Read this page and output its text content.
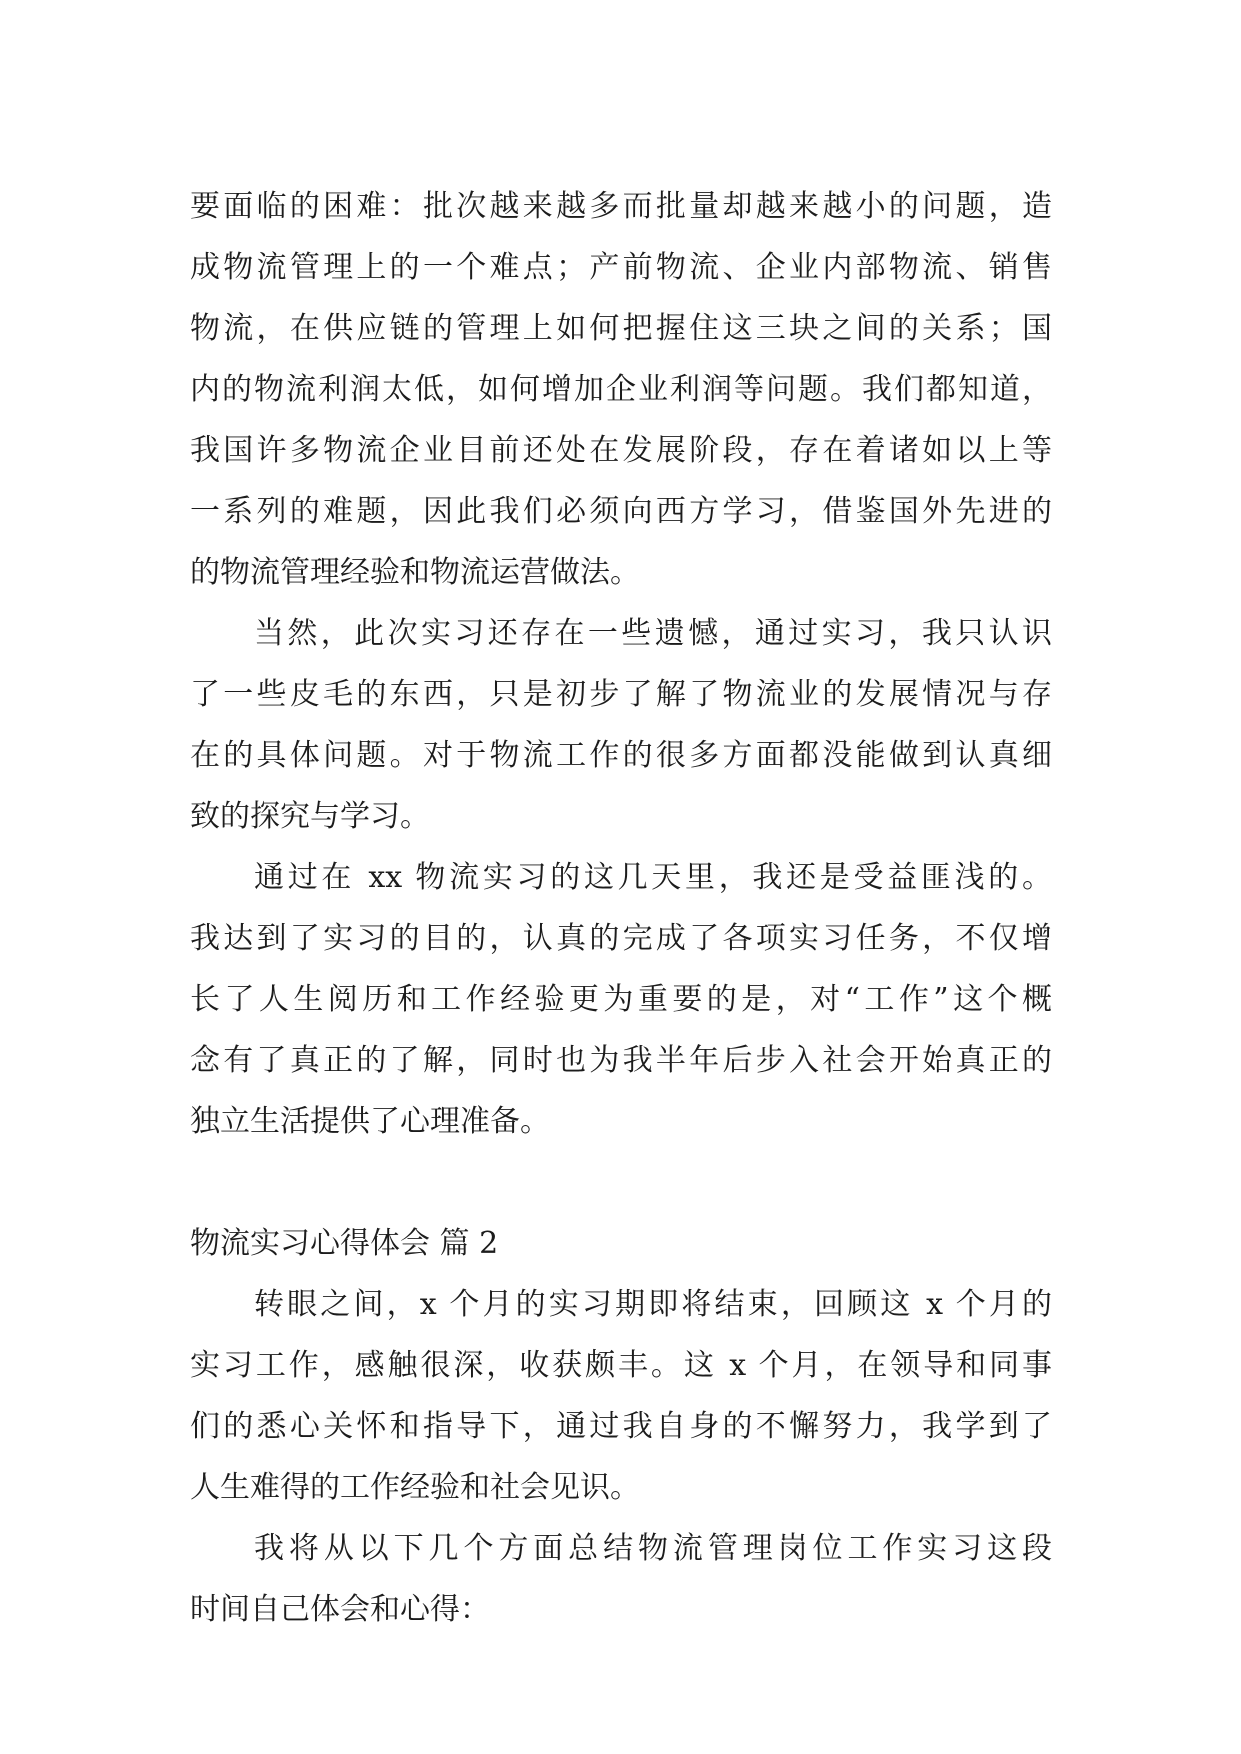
要面临的困难：批次越来越多而批量却越来越小的问题，造
成物流管理上的一个难点；产前物流、企业内部物流、销售
物流，在供应链的管理上如何把握住这三块之间的关系；国
内的物流利润太低，如何增加企业利润等问题。我们都知道，
我国许多物流企业目前还处在发展阶段，存在着诸如以上等
一系列的难题，因此我们必须向西方学习，借鉴国外先进的
的物流管理经验和物流运营做法。
当然，此次实习还存在一些遗憾，通过实习，我只认识
了一些皮毛的东西，只是初步了解了物流业的发展情况与存
在的具体问题。对于物流工作的很多方面都没能做到认真细
致的探究与学习。
通过在 xx 物流实习的这几天里，我还是受益匪浅的。
我达到了实习的目的，认真的完成了各项实习任务，不仅增
长了人生阅历和工作经验更为重要的是，对“工作”这个概
念有了真正的了解，同时也为我半年后步入社会开始真正的
独立生活提供了心理准备。
物流实习心得体会 篇 2
转眼之间，x 个月的实习期即将结束，回顾这 x 个月的
实习工作，感触很深，收获颇丰。这 x 个月，在领导和同事
们的悉心关怀和指导下，通过我自身的不懈努力，我学到了
人生难得的工作经验和社会见识。
我将从以下几个方面总结物流管理岗位工作实习这段
时间自己体会和心得：
